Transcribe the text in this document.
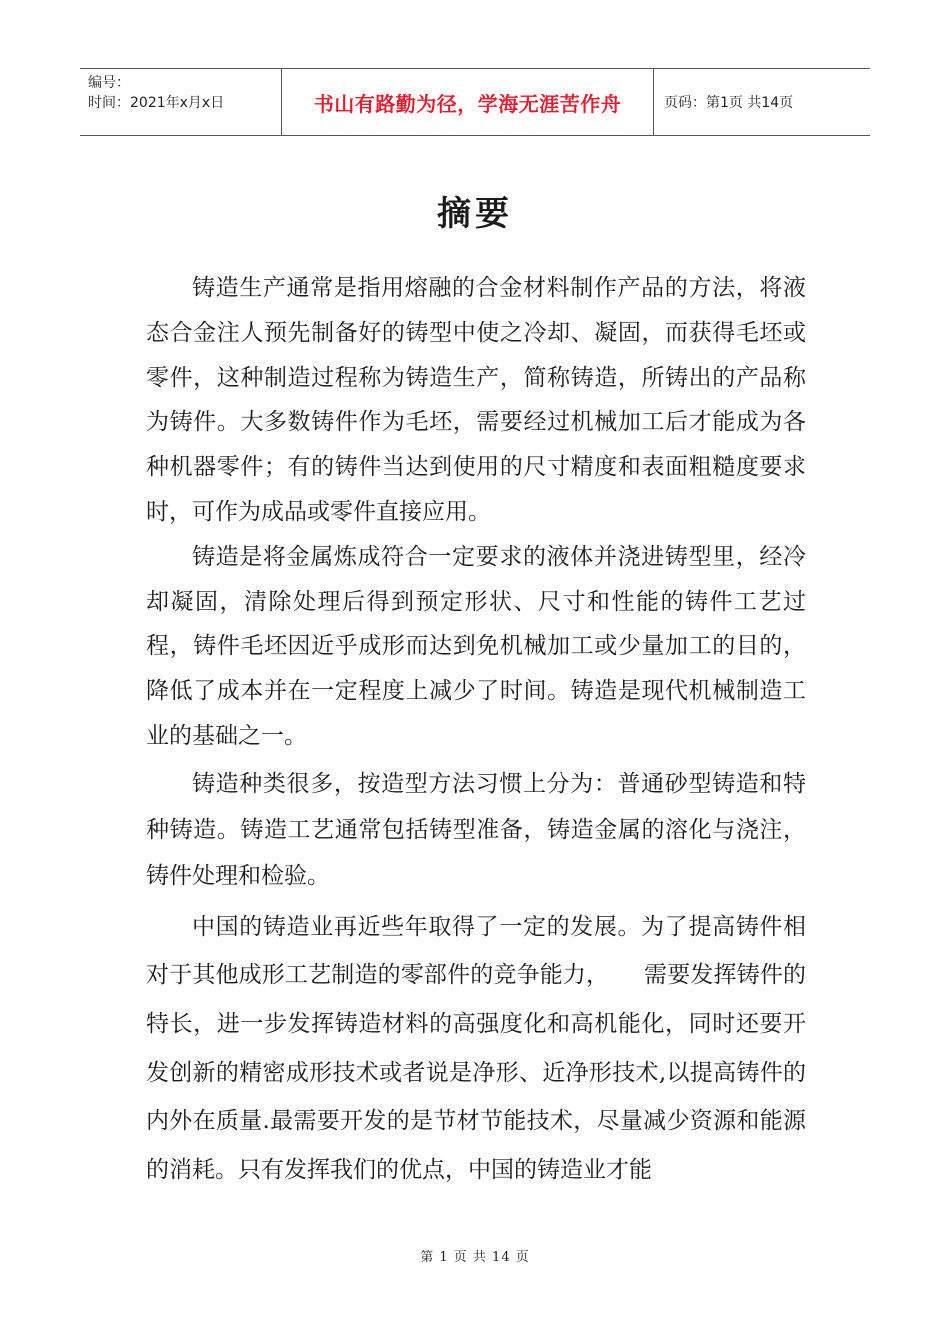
编号：
时间：2021年x月x日	书山有路勤为径，学海无涯苦作舟	页码：第1页 共14页
摘要

铸造生产通常是指用熔融的合金材料制作产品的方法，将液态合金注人预先制备好的铸型中使之冷却、凝固，而获得毛坯或零件，这种制造过程称为铸造生产，简称铸造，所铸出的产品称为铸件。大多数铸件作为毛坯，需要经过机械加工后才能成为各种机器零件；有的铸件当达到使用的尺寸精度和表面粗糙度要求时，可作为成品或零件直接应用。

铸造是将金属炼成符合一定要求的液体并浇进铸型里，经冷却凝固，清除处理后得到预定形状、尺寸和性能的铸件工艺过程，铸件毛坯因近乎成形而达到免机械加工或少量加工的目的，降低了成本并在一定程度上减少了时间。铸造是现代机械制造工业的基础之一。

铸造种类很多，按造型方法习惯上分为：普通砂型铸造和特种铸造。铸造工艺通常包括铸型准备，铸造金属的溶化与浇注，铸件处理和检验。

中国的铸造业再近些年取得了一定的发展。为了提高铸件相对于其他成形工艺制造的零部件的竞争能力，　　需要发挥铸件的特长，进一步发挥铸造材料的高强度化和高机能化，同时还要开发创新的精密成形技术或者说是净形、近净形技术,以提高铸件的内外在质量.最需要开发的是节材节能技术，尽量减少资源和能源的消耗。只有发挥我们的优点，中国的铸造业才能

第 1 页 共 14 页
